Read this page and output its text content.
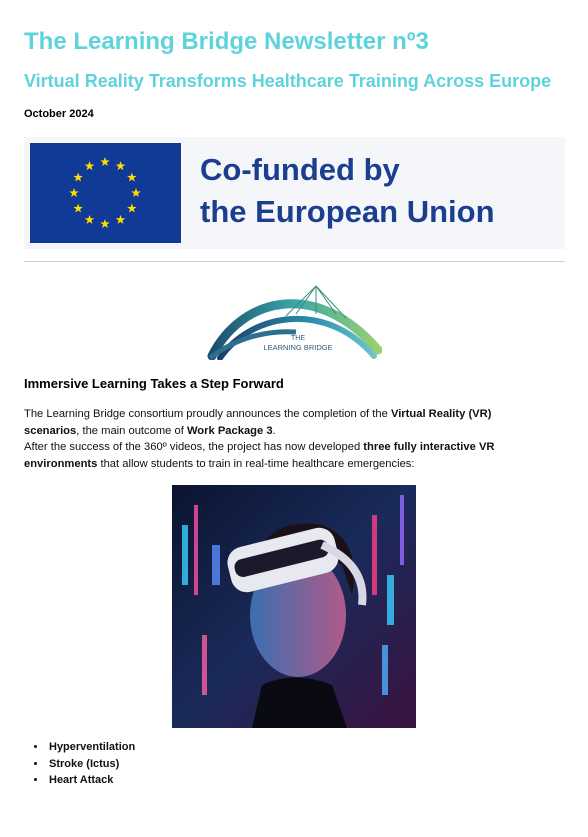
The Learning Bridge Newsletter nº3
Virtual Reality Transforms Healthcare Training Across Europe
October 2024
Co-funded by
the European Union
THE
LEARNING BRIDGE
Immersive Learning Takes a Step Forward
The Learning Bridge consortium proudly announces the completion of the Virtual Reality (VR) scenarios, the main outcome of Work Package 3.
After the success of the 360º videos, the project has now developed three fully interactive VR environments that allow students to train in real-time healthcare emergencies:
• Hyperventilation
• Stroke (Ictus)
• Heart Attack
